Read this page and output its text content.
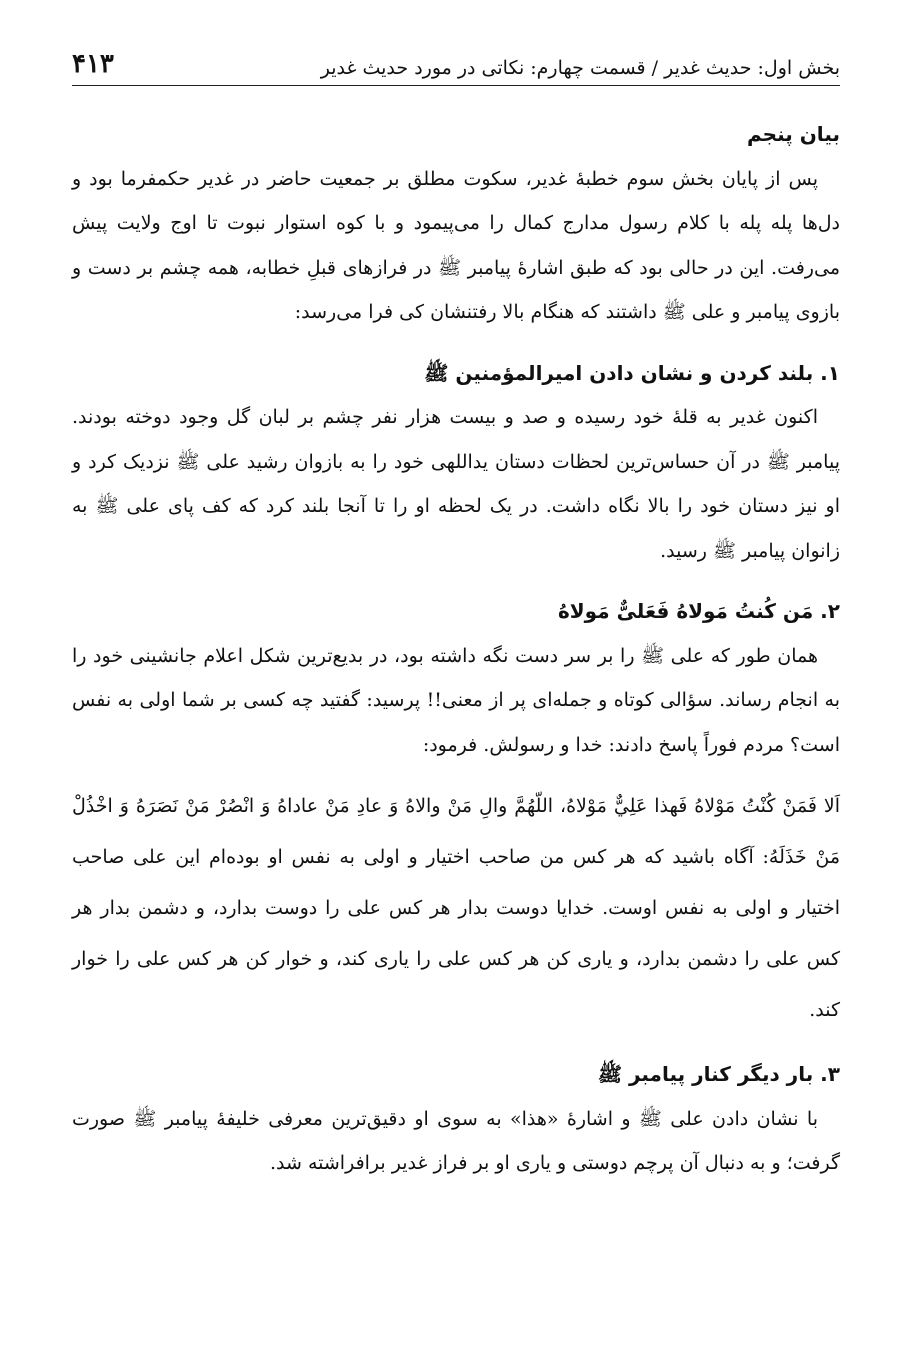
بخش اول: حدیث غدیر / قسمت چهارم: نکاتی در مورد حدیث غدیر
۴۱۳
بیان پنجم

پس از پایان بخش سوم خطبهٔ غدیر، سکوت مطلق بر جمعیت حاضر در غدیر حکمفرما بود و دل‌ها پله پله با کلام رسول مدارج کمال را می‌پیمود و با کوه استوار نبوت تا اوج ولایت پیش می‌رفت. این در حالی بود که طبق اشارهٔ پیامبر ﷺ در فرازهای قبلِ خطابه، همه چشم بر دست و بازوی پیامبر و علی ﷺ داشتند که هنگام بالا رفتنشان کی فرا می‌رسد:

۱. بلند کردن و نشان دادن امیرالمؤمنین ﷺ

اکنون غدیر به قلهٔ خود رسیده و صد و بیست هزار نفر چشم بر لبان گل وجود دوخته بودند. پیامبر ﷺ در آن حساس‌ترین لحظات دستان یداللهی خود را به بازوان رشید علی ﷺ نزدیک کرد و او نیز دستان خود را بالا نگاه داشت. در یک لحظه او را تا آنجا بلند کرد که کف پای علی ﷺ به زانوان پیامبر ﷺ رسید.

۲. مَن کُنتُ مَولاهُ فَعَلیٌّ مَولاهُ

همان طور که علی ﷺ را بر سر دست نگه داشته بود، در بدیع‌ترین شکل اعلام جانشینی خود را به انجام رساند. سؤالی کوتاه و جمله‌ای پر از معنی!! پرسید: گفتید چه کسی بر شما اولی به نفس است؟ مردم فوراً پاسخ دادند: خدا و رسولش. فرمود:

اَلا فَمَنْ كُنْتُ مَوْلاهُ فَهذا عَلِيٌّ مَوْلاهُ، اللّهُمَّ والِ مَنْ والاهُ وَ عادِ مَنْ عاداهُ وَ انْصُرْ مَنْ نَصَرَهُ وَ اخْذُلْ مَنْ خَذَلَهُ: آگاه باشید که هر کس من صاحب اختیار و اولی به نفس او بوده‌ام این علی صاحب اختیار و اولی به نفس اوست. خدایا دوست بدار هر کس علی را دوست بدارد، و دشمن بدار هر کس علی را دشمن بدارد، و یاری کن هر کس علی را یاری کند، و خوار کن هر کس علی را خوار کند.

۳. بار دیگر کنار پیامبر ﷺ

با نشان دادن علی ﷺ و اشارهٔ «هذا» به سوی او دقیق‌ترین معرفی خلیفهٔ پیامبر ﷺ صورت گرفت؛ و به دنبال آن پرچم دوستی و یاری او بر فراز غدیر برافراشته شد.
